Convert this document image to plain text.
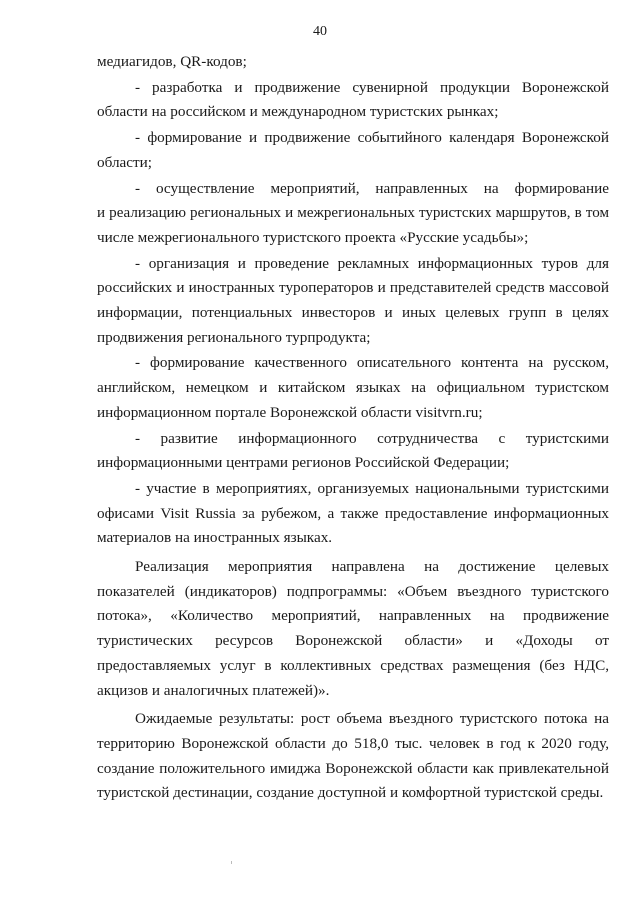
40

медиагидов, QR-кодов;

- разработка и продвижение сувенирной продукции Воронежской
области на российском и международном туристских рынках;

- формирование и продвижение событийного календаря Воронежской
области;

- осуществление мероприятий, направленных на формирование
и реализацию региональных и межрегиональных туристских маршрутов, в том
числе межрегионального туристского проекта «Русские усадьбы»;

- организация и проведение рекламных информационных туров для
российских и иностранных туроператоров и представителей средств массовой
информации, потенциальных инвесторов и иных целевых групп в целях
продвижения регионального турпродукта;

- формирование качественного описательного контента на русском,
английском, немецком и китайском языках на официальном туристском
информационном портале Воронежской области visitvrn.ru;

- развитие информационного сотрудничества с туристскими
информационными центрами регионов Российской Федерации;

- участие в мероприятиях, организуемых национальными туристскими
офисами Visit Russia за рубежом, а также предоставление информационных
материалов на иностранных языках.

Реализация мероприятия направлена на достижение целевых
показателей (индикаторов) подпрограммы: «Объем въездного туристского
потока», «Количество мероприятий, направленных на продвижение
туристических ресурсов Воронежской области» и «Доходы от
предоставляемых услуг в коллективных средствах размещения (без НДС,
акцизов и аналогичных платежей)».

Ожидаемые результаты: рост объема въездного туристского потока на
территорию Воронежской области до 518,0 тыс. человек в год к 2020 году,
создание положительного имиджа Воронежской области как привлекательной
туристской дестинации, создание доступной и комфортной туристской среды.
